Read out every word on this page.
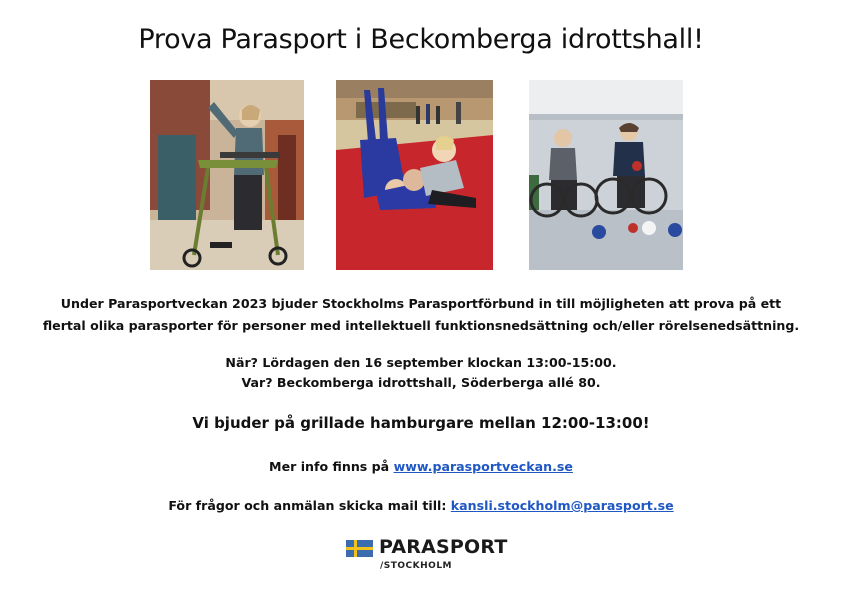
Prova Parasport i Beckomberga idrottshall!
Under Parasportveckan 2023 bjuder Stockholms Parasportförbund in till möjligheten att prova på ett
flertal olika parasporter för personer med intellektuell funktionsnedsättning och/eller rörelsenedsättning.
När? Lördagen den 16 september klockan 13:00-15:00.
Var? Beckomberga idrottshall, Söderberga allé 80.
Vi bjuder på grillade hamburgare mellan 12:00-13:00!
Mer info finns på www.parasportveckan.se
För frågor och anmälan skicka mail till: kansli.stockholm@parasport.se
PARASPORT
/STOCKHOLM
